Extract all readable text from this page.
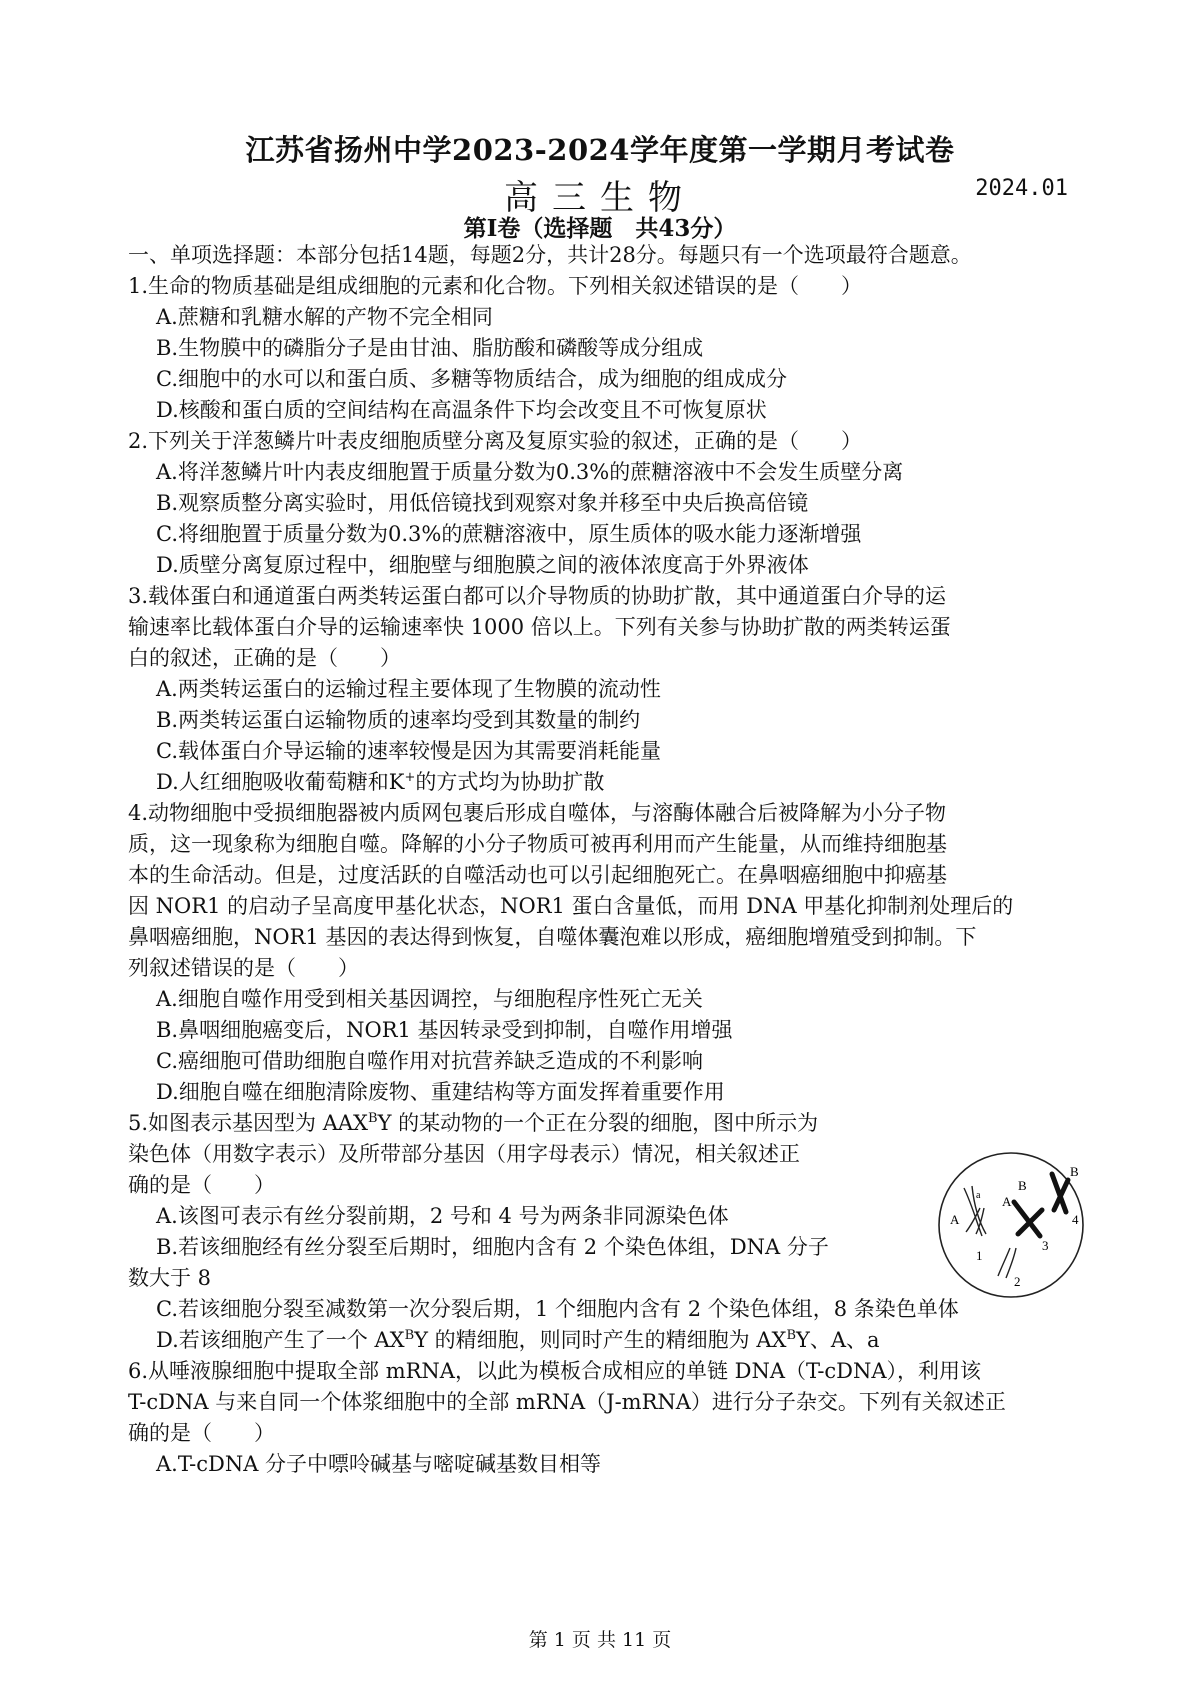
江苏省扬州中学2023-2024学年度第一学期月考试卷
高三生物	2024.01
第Ⅰ卷（选择题　共43分）
一、单项选择题：本部分包括14题，每题2分，共计28分。每题只有一个选项最符合题意。
1.生命的物质基础是组成细胞的元素和化合物。下列相关叙述错误的是（　　）
A.蔗糖和乳糖水解的产物不完全相同
B.生物膜中的磷脂分子是由甘油、脂肪酸和磷酸等成分组成
C.细胞中的水可以和蛋白质、多糖等物质结合，成为细胞的组成成分
D.核酸和蛋白质的空间结构在高温条件下均会改变且不可恢复原状
2.下列关于洋葱鳞片叶表皮细胞质壁分离及复原实验的叙述，正确的是（　　）
A.将洋葱鳞片叶内表皮细胞置于质量分数为0.3%的蔗糖溶液中不会发生质壁分离
B.观察质整分离实验时，用低倍镜找到观察对象并移至中央后换高倍镜
C.将细胞置于质量分数为0.3%的蔗糖溶液中，原生质体的吸水能力逐渐增强
D.质壁分离复原过程中，细胞壁与细胞膜之间的液体浓度高于外界液体
3.载体蛋白和通道蛋白两类转运蛋白都可以介导物质的协助扩散，其中通道蛋白介导的运
输速率比载体蛋白介导的运输速率快 1000 倍以上。下列有关参与协助扩散的两类转运蛋
白的叙述，正确的是（　　）
A.两类转运蛋白的运输过程主要体现了生物膜的流动性
B.两类转运蛋白运输物质的速率均受到其数量的制约
C.载体蛋白介导运输的速率较慢是因为其需要消耗能量
D.人红细胞吸收葡萄糖和K+的方式均为协助扩散
4.动物细胞中受损细胞器被内质网包裹后形成自噬体，与溶酶体融合后被降解为小分子物
质，这一现象称为细胞自噬。降解的小分子物质可被再利用而产生能量，从而维持细胞基
本的生命活动。但是，过度活跃的自噬活动也可以引起细胞死亡。在鼻咽癌细胞中抑癌基
因 NOR1 的启动子呈高度甲基化状态，NOR1 蛋白含量低，而用 DNA 甲基化抑制剂处理后的
鼻咽癌细胞，NOR1 基因的表达得到恢复，自噬体囊泡难以形成，癌细胞增殖受到抑制。下
列叙述错误的是（　　）
A.细胞自噬作用受到相关基因调控，与细胞程序性死亡无关
B.鼻咽细胞癌变后，NOR1 基因转录受到抑制，自噬作用增强
C.癌细胞可借助细胞自噬作用对抗营养缺乏造成的不利影响
D.细胞自噬在细胞清除废物、重建结构等方面发挥着重要作用
5.如图表示基因型为 $AAX^BY$ 的某动物的一个正在分裂的细胞，图中所示为
染色体（用数字表示）及所带部分基因（用字母表示）情况，相关叙述正
确的是（　　）
A.该图可表示有丝分裂前期，2 号和 4 号为两条非同源染色体
B.若该细胞经有丝分裂至后期时，细胞内含有 2 个染色体组，DNA 分子
数大于 8
C.若该细胞分裂至减数第一次分裂后期，1 个细胞内含有 2 个染色体组，8 条染色单体
D.若该细胞产生了一个 $AX^BY$ 的精细胞，则同时产生的精细胞为 $AX^BY$、A、a
6.从唾液腺细胞中提取全部 mRNA，以此为模板合成相应的单链 DNA（T-cDNA），利用该
T-cDNA 与来自同一个体浆细胞中的全部 mRNA（J-mRNA）进行分子杂交。下列有关叙述正
确的是（　　）
A.T-cDNA 分子中嘌呤碱基与嘧啶碱基数目相等
A
a A
B
B
1
2
3
4
第 1 页 共 11 页
